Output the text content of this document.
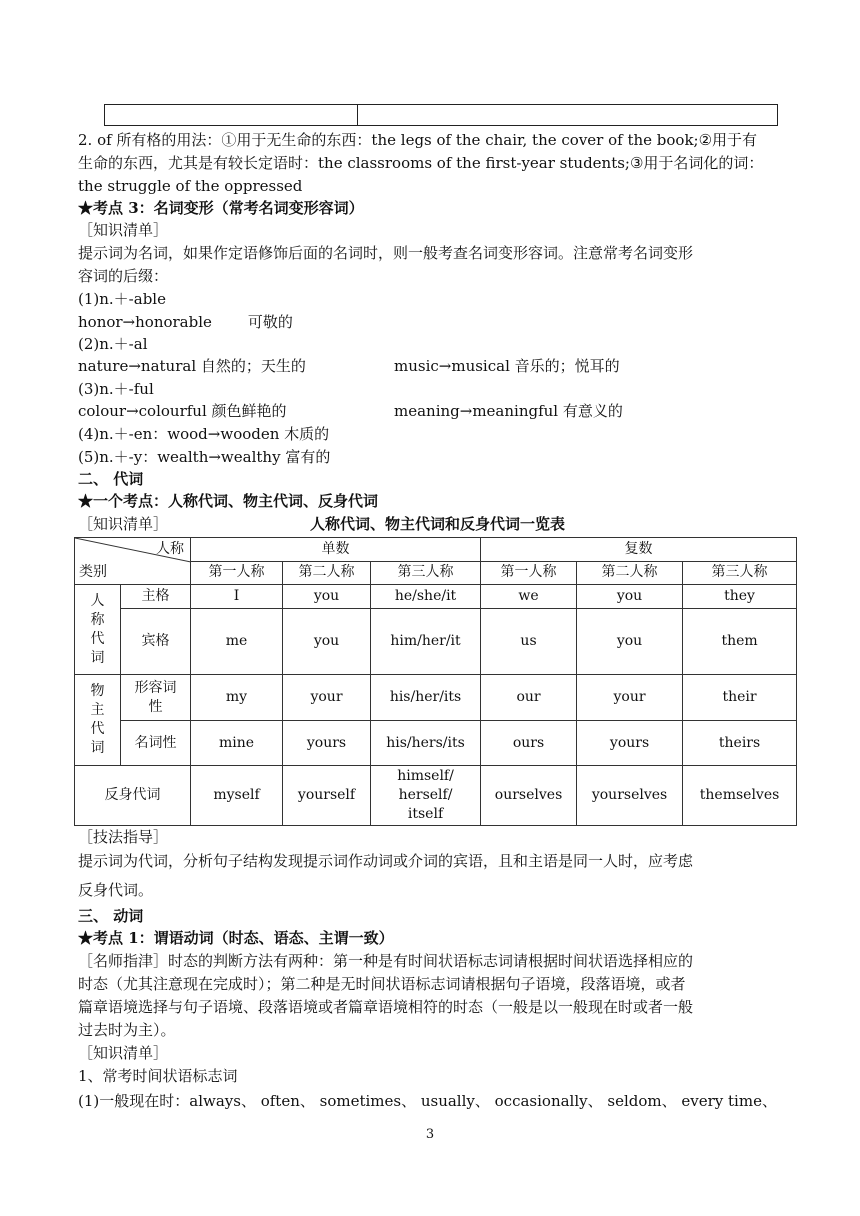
2. of 所有格的用法：①用于无生命的东西：the legs of the chair, the cover of the book;②用于有
生命的东西，尤其是有较长定语时：the classrooms of the first-year students;③用于名词化的词：
the struggle of the oppressed
★考点 3：名词变形（常考名词变形容词）
［知识清单］
提示词为名词，如果作定语修饰后面的名词时，则一般考查名词变形容词。注意常考名词变形
容词的后缀：
(1)n.＋-able
honor→honorable 可敬的
(2)n.＋-al
nature→natural 自然的；天生的	music→musical 音乐的；悦耳的
(3)n.＋-ful
colour→colourful 颜色鲜艳的	meaning→meaningful 有意义的
(4)n.＋-en：wood→wooden 木质的
(5)n.＋-y：wealth→wealthy 富有的
二、 代词
★一个考点：人称代词、物主代词、反身代词
［知识清单］	人称代词、物主代词和反身代词一览表
人称
类别		单数			复数		
		第一人称	第二人称	第三人称	第一人称	第二人称	第三人称
人
称
代
词	主格	I	you	he/she/it	we	you	they
	宾格	me	you	him/her/it	us	you	them
物
主
代
词	形容词
性	my	your	his/her/its	our	your	their
	名词性	mine	yours	his/hers/its	ours	yours	theirs
反身代词		myself	yourself	himself/
herself/
itself	ourselves	yourselves	themselves
［技法指导］
提示词为代词，分析句子结构发现提示词作动词或介词的宾语，且和主语是同一人时，应考虑
反身代词。
三、 动词
★考点 1：谓语动词（时态、语态、主谓一致）
［名师指津］时态的判断方法有两种：第一种是有时间状语标志词请根据时间状语选择相应的
时态（尤其注意现在完成时）；第二种是无时间状语标志词请根据句子语境，段落语境，或者
篇章语境选择与句子语境、段落语境或者篇章语境相符的时态（一般是以一般现在时或者一般
过去时为主）。
［知识清单］
1、常考时间状语标志词
(1)一般现在时：always、 often、 sometimes、 usually、 occasionally、 seldom、 every time、
3
